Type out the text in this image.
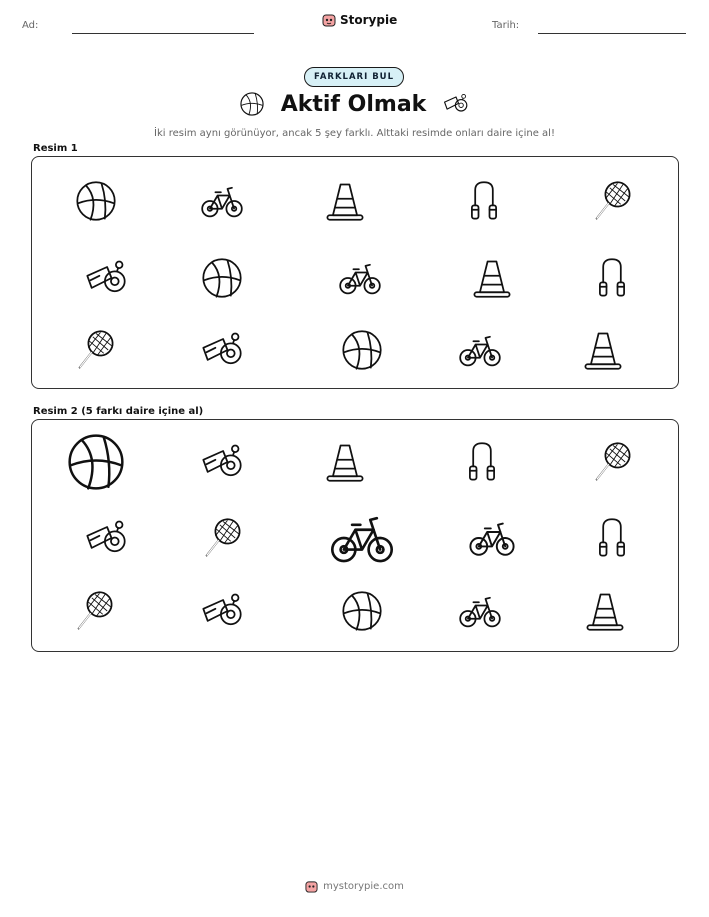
Ad:	Storypie	Tarih:
FARKLARI BUL
Aktif Olmak
İki resim aynı görünüyor, ancak 5 şey farklı. Alttaki resimde onları daire içine al!
Resim 1
Resim 2 (5 farkı daire içine al)
mystorypie.com
